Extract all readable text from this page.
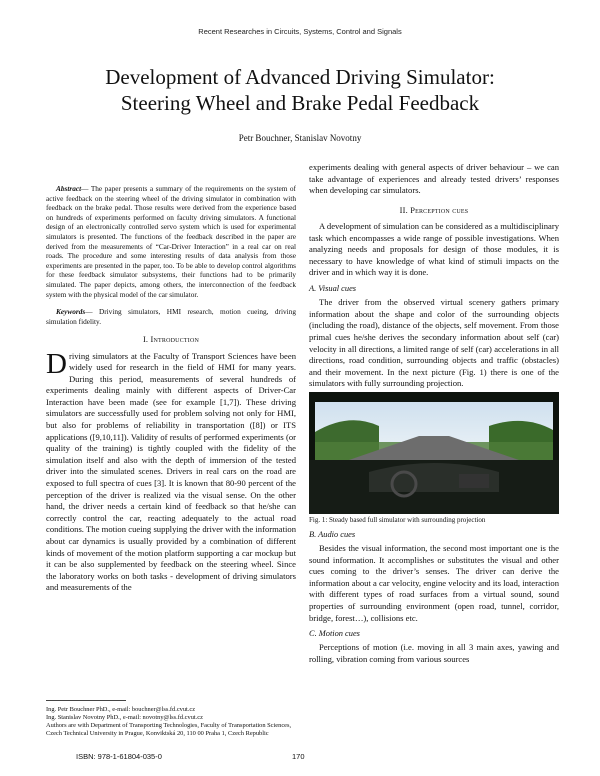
Recent Researches in Circuits, Systems, Control and Signals
Development of Advanced Driving Simulator:
Steering Wheel and Brake Pedal Feedback
Petr Bouchner, Stanislav Novotny

Abstract— The paper presents a summary of the requirements on the system of active feedback on the steering wheel of the driving simulator in combination with feedback on the brake pedal. Those results were derived from the experience based on hundreds of experiments performed on faculty driving simulators. A functional design of an electronically controlled servo system which is used for experimental simulators is presented. The functions of the feedback described in the paper are derived from the measurements of “Car-Driver Interaction” in a real car on real roads. The procedure and some interesting results of data analysis from those experiments are presented in the paper, too. To be able to develop control algorithms for these feedback simulator subsystems, their functions had to be primarily simulated. The paper depicts, among others, the interconnection of the feedback system with the physical model of the car simulator.

Keywords— Driving simulators, HMI research, motion cueing, driving simulation fidelity.

I. Introduction

Driving simulators at the Faculty of Transport Sciences have been widely used for research in the field of HMI for many years. During this period, measurements of several hundreds of experiments dealing mainly with different aspects of Driver-Car Interaction have been made (see for example [1,7]). These driving simulators are successfully used for problem solving not only for HMI, but also for problems of reliability in transportation ([8]) or ITS applications ([9,10,11]). Validity of results of performed experiments (or quality of the training) is tightly coupled with the fidelity of the simulation itself and also with the depth of immersion of the tested driver into the simulated scenes. Drivers in real cars on the road are exposed to full spectra of cues [3]. It is known that 80-90 percent of the perception of the driver is realized via the visual sense. On the other hand, the driver needs a certain kind of feedback so that he/she can correctly control the car, reacting adequately to the actual road conditions. The motion cueing supplying the driver with the information about car dynamics is usually provided by a combination of different kinds of movement of the motion platform supporting a car mockup but it can be also supplemented by feedback on the steering wheel. Since the laboratory works on both tasks - development of driving simulators and measurements of the

Ing. Petr Bouchner PhD., e-mail: bouchner@lss.fd.cvut.cz
Ing. Stanislav Novotny PhD., e-mail: novotny@lss.fd.cvut.cz
Authors are with Department of Transporting Technologies, Faculty of Transportation Sciences, Czech Technical University in Prague, Konviktská 20, 110 00 Praha 1, Czech Republic

experiments dealing with general aspects of driver behaviour – we can take advantage of experiences and already tested drivers’ responses when developing car simulators.

II. Perception cues

A development of simulation can be considered as a multidisciplinary task which encompasses a wide range of possible investigations. When analyzing needs and proposals for design of those modules, it is necessary to have knowledge of what kind of stimuli impacts on the driver and in which way it is done.

A. Visual cues

The driver from the observed virtual scenery gathers primary information about the shape and color of the surrounding objects (including the road), distance of the objects, self movement. From those primal cues he/she derives the secondary information about self (car) velocity in all directions, a limited range of self (car) accelerations in all directions, road condition, surrounding objects and traffic (obstacles) and their movement. In the next picture (Fig. 1) there is one of the simulators with fully surrounding projection.

Fig. 1: Steady based full simulator with surrounding projection
B. Audio cues

Besides the visual information, the second most important one is the sound information. It accomplishes or substitutes the visual and other cues coming to the driver’s senses. The driver can derive the information about a car velocity, engine velocity and its load, interaction with different types of road surfaces from a virtual sound, sound properties of surrounding environment (open road, tunnel, corridor, bridge, forest…), collisions etc.

C. Motion cues

Perceptions of motion (i.e. moving in all 3 main axes, yawing and rolling, vibration coming from various sources

ISBN: 978-1-61804-035-0	170
